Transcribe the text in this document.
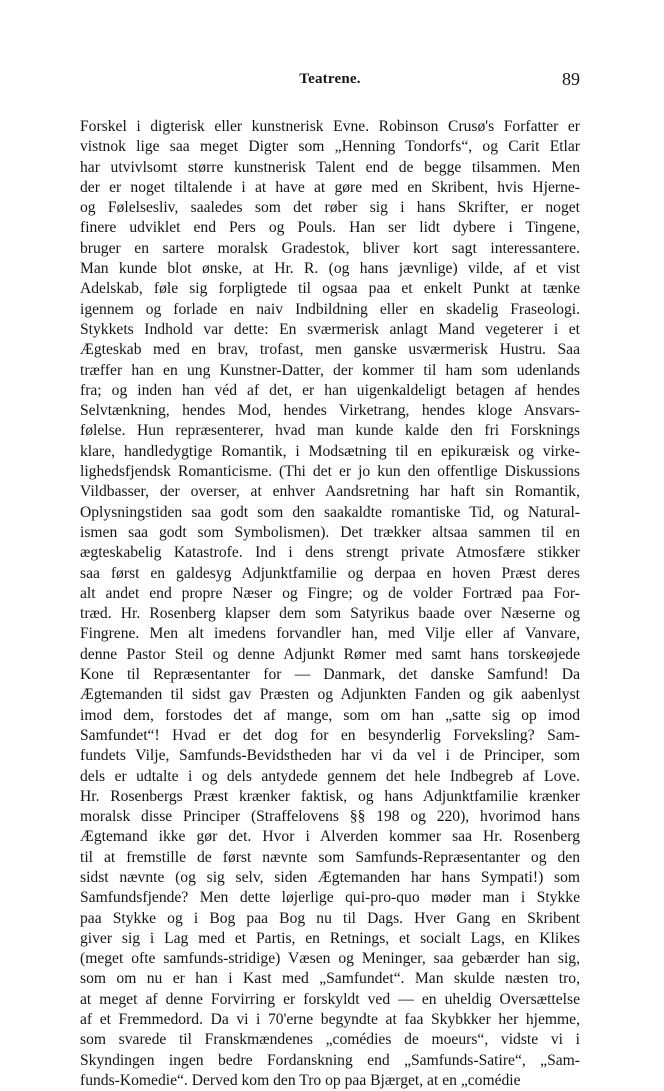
Teatrene.	89
Forskel i digterisk eller kunstnerisk Evne. Robinson Crusø's Forfatter er
vistnok lige saa meget Digter som „Henning Tondorfs“, og Carit Etlar
har utvivlsomt større kunstnerisk Talent end de begge tilsammen. Men
der er noget tiltalende i at have at gøre med en Skribent, hvis Hjerne-
og Følelsesliv, saaledes som det røber sig i hans Skrifter, er noget
finere udviklet end Pers og Pouls. Han ser lidt dybere i Tingene,
bruger en sartere moralsk Gradestok, bliver kort sagt interessantere.
Man kunde blot ønske, at Hr. R. (og hans jævnlige) vilde, af et vist
Adelskab, føle sig forpligtede til ogsaa paa et enkelt Punkt at tænke
igennem og forlade en naiv Indbildning eller en skadelig Fraseologi.
Stykkets Indhold var dette: En sværmerisk anlagt Mand vegeterer i et
Ægteskab med en brav, trofast, men ganske usværmerisk Hustru. Saa
træffer han en ung Kunstner-Datter, der kommer til ham som udenlands
fra; og inden han véd af det, er han uigenkaldeligt betagen af hendes
Selvtænkning, hendes Mod, hendes Virketrang, hendes kloge Ansvars-
følelse. Hun repræsenterer, hvad man kunde kalde den fri Forsknings
klare, handledygtige Romantik, i Modsætning til en epikuræisk og virke-
lighedsfjendsk Romanticisme. (Thi det er jo kun den offentlige Diskussions
Vildbasser, der overser, at enhver Aandsretning har haft sin Romantik,
Oplysningstiden saa godt som den saakaldte romantiske Tid, og Natural-
ismen saa godt som Symbolismen). Det trækker altsaa sammen til en
ægteskabelig Katastrofe. Ind i dens strengt private Atmosfære stikker
saa først en galdesyg Adjunktfamilie og derpaa en hoven Præst deres
alt andet end propre Næser og Fingre; og de volder Fortræd paa For-
træd. Hr. Rosenberg klapser dem som Satyrikus baade over Næserne og
Fingrene. Men alt imedens forvandler han, med Vilje eller af Vanvare,
denne Pastor Steil og denne Adjunkt Rømer med samt hans torskeøjede
Kone til Repræsentanter for — Danmark, det danske Samfund! Da
Ægtemanden til sidst gav Præsten og Adjunkten Fanden og gik aabenlyst
imod dem, forstodes det af mange, som om han „satte sig op imod
Samfundet“! Hvad er det dog for en besynderlig Forveksling? Sam-
fundets Vilje, Samfunds-Bevidstheden har vi da vel i de Principer, som
dels er udtalte i og dels antydede gennem det hele Indbegreb af Love.
Hr. Rosenbergs Præst krænker faktisk, og hans Adjunktfamilie krænker
moralsk disse Principer (Straffelovens §§ 198 og 220), hvorimod hans
Ægtemand ikke gør det. Hvor i Alverden kommer saa Hr. Rosenberg
til at fremstille de først nævnte som Samfunds-Repræsentanter og den
sidst nævnte (og sig selv, siden Ægtemanden har hans Sympati!) som
Samfundsfjende? Men dette løjerlige qui-pro-quo møder man i Stykke
paa Stykke og i Bog paa Bog nu til Dags. Hver Gang en Skribent
giver sig i Lag med et Partis, en Retnings, et socialt Lags, en Klikes
(meget ofte samfunds-stridige) Væsen og Meninger, saa gebærder han sig,
som om nu er han i Kast med „Samfundet“. Man skulde næsten tro,
at meget af denne Forvirring er forskyldt ved — en uheldig Oversættelse
af et Fremmedord. Da vi i 70'erne begyndte at faa Skybkker her hjemme,
som svarede til Franskmændenes „comédies de moeurs“, vidste vi i
Skyndingen ingen bedre Fordanskning end „Samfunds-Satire“, „Sam-
funds-Komedie“. Derved kom den Tro op paa Bjærget, at en „comédie
